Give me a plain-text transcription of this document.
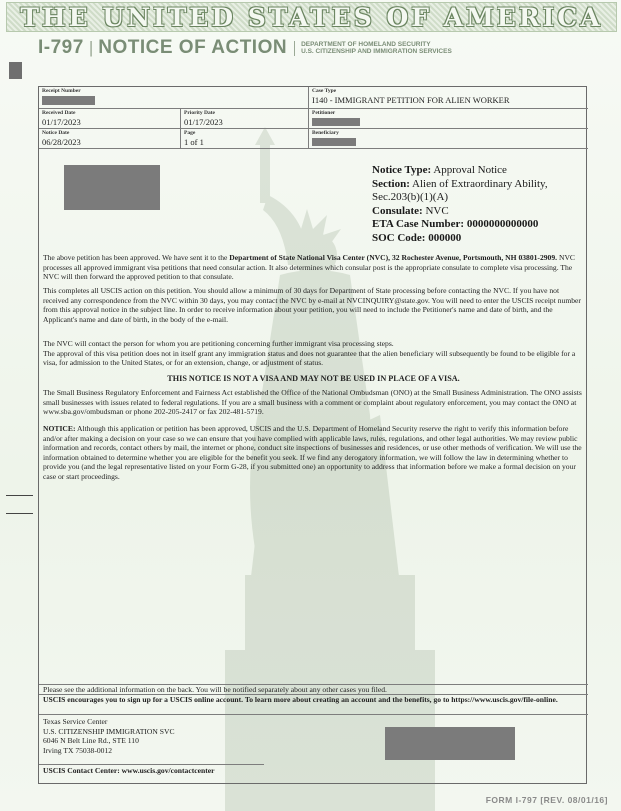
THE UNITED STATES OF AMERICA
I-797 | NOTICE OF ACTION	DEPARTMENT OF HOMELAND SECURITY
U.S. CITIZENSHIP AND IMMIGRATION SERVICES
Receipt Number	Case Type
I140 - IMMIGRANT PETITION FOR ALIEN WORKER
Received Date
01/17/2023
Priority Date
01/17/2023
Petitioner
Notice Date
06/28/2023
Page
1 of 1
Beneficiary
Notice Type: Approval Notice
Section: Alien of Extraordinary Ability,
Sec.203(b)(1)(A)
Consulate: NVC
ETA Case Number: 0000000000000
SOC Code: 000000
The above petition has been approved. We have sent it to the Department of State National Visa Center (NVC), 32 Rochester Avenue, Portsmouth, NH 03801-2909. NVC processes all approved immigrant visa petitions that need consular action. It also determines which consular post is the appropriate consulate to complete visa processing. The NVC will then forward the approved petition to that consulate.
This completes all USCIS action on this petition. You should allow a minimum of 30 days for Department of State processing before contacting the NVC. If you have not received any correspondence from the NVC within 30 days, you may contact the NVC by e-mail at NVCINQUIRY@state.gov. You will need to enter the USCIS receipt number from this approval notice in the subject line. In order to receive information about your petition, you will need to include the Petitioner's name and date of birth, and the Applicant's name and date of birth, in the body of the e-mail.
The NVC will contact the person for whom you are petitioning concerning further immigrant visa processing steps.
The approval of this visa petition does not in itself grant any immigration status and does not guarantee that the alien beneficiary will subsequently be found to be eligible for a visa, for admission to the United States, or for an extension, change, or adjustment of status.
THIS NOTICE IS NOT A VISA AND MAY NOT BE USED IN PLACE OF A VISA.
The Small Business Regulatory Enforcement and Fairness Act established the Office of the National Ombudsman (ONO) at the Small Business Administration. The ONO assists small businesses with issues related to federal regulations. If you are a small business with a comment or complaint about regulatory enforcement, you may contact the ONO at www.sba.gov/ombudsman or phone 202-205-2417 or fax 202-481-5719.
NOTICE: Although this application or petition has been approved, USCIS and the U.S. Department of Homeland Security reserve the right to verify this information before and/or after making a decision on your case so we can ensure that you have complied with applicable laws, rules, regulations, and other legal authorities. We may review public information and records, contact others by mail, the internet or phone, conduct site inspections of businesses and residences, or use other methods of verification. We will use the information obtained to determine whether you are eligible for the benefit you seek. If we find any derogatory information, we will follow the law in determining whether to provide you (and the legal representative listed on your Form G-28, if you submitted one) an opportunity to address that information before we make a formal decision on your case or start proceedings.
Please see the additional information on the back. You will be notified separately about any other cases you filed.
USCIS encourages you to sign up for a USCIS online account. To learn more about creating an account and the benefits, go to https://www.uscis.gov/file-online.
Texas Service Center
U.S. CITIZENSHIP IMMIGRATION SVC
6046 N Belt Line Rd., STE 110
Irving TX 75038-0012
USCIS Contact Center: www.uscis.gov/contactcenter
FORM I-797 [REV. 08/01/16]
